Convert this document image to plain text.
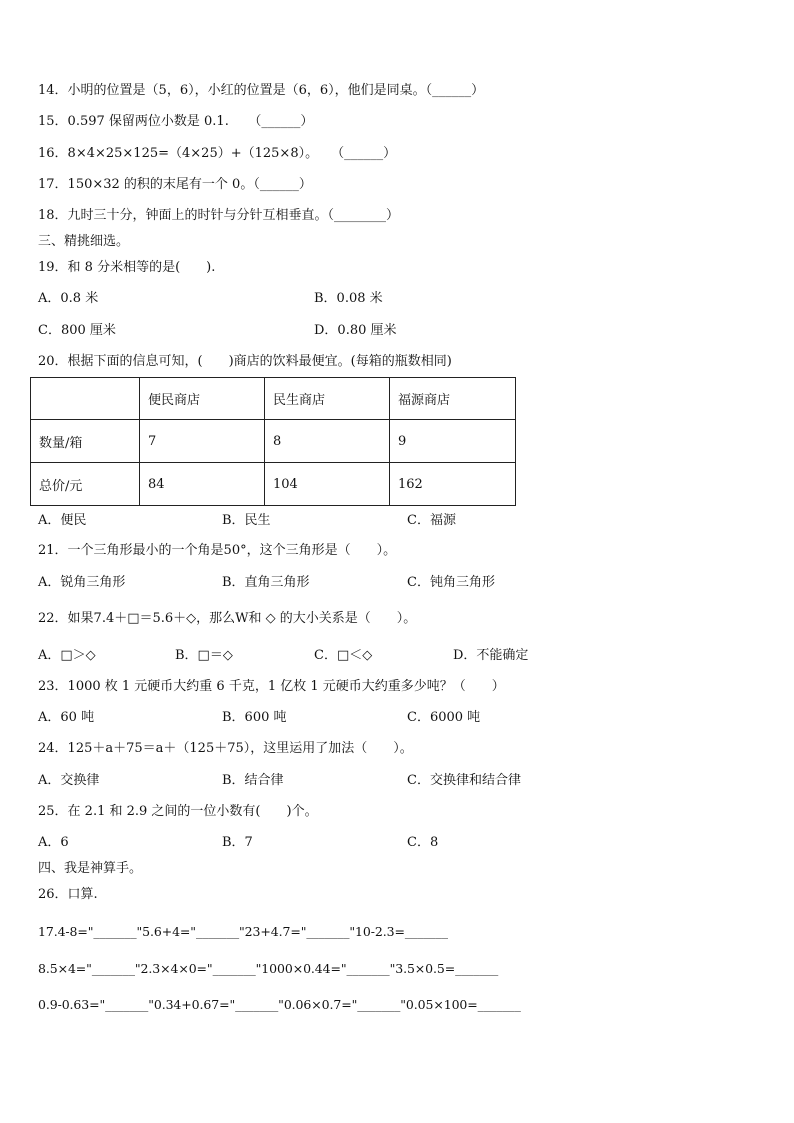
14．小明的位置是（5，6），小红的位置是（6，6），他们是同桌。（______）
15．0.597 保留两位小数是 0.1.　　（______）
16．8×4×25×125=（4×25）+（125×8）。　　（______）
17．150×32 的积的末尾有一个 0。（______）
18．九时三十分，钟面上的时针与分针互相垂直。（________）
三、精挑细选。
19．和 8 分米相等的是(　　).
A．0.8 米	B．0.08 米
C．800 厘米	D．0.80 厘米
20．根据下面的信息可知，(　　)商店的饮料最便宜。(每箱的瓶数相同)
	便民商店	民生商店	福源商店
数量/箱	7	8	9
总价/元	84	104	162
A．便民	B．民生	C．福源
21．一个三角形最小的一个角是50°，这个三角形是（　　）。
A．锐角三角形	B．直角三角形	C．钝角三角形
22．如果7.4＋□＝5.6＋◇，那么W和 ◇ 的大小关系是（　　）。
A．□＞◇	B．□＝◇	C．□＜◇	D．不能确定
23．1000 枚 1 元硬币大约重 6 千克，1 亿枚 1 元硬币大约重多少吨？（　　）
A．60 吨	B．600 吨	C．6000 吨
24．125＋a＋75＝a＋（125＋75），这里运用了加法（　　）。
A．交换律	B．结合律	C．交换律和结合律
25．在 2.1 和 2.9 之间的一位小数有(　　)个。
A．6	B．7	C．8
四、我是神算手。
26．口算.
17.4-8="_______"5.6+4="_______"23+4.7="_______"10-2.3=_______
8.5×4="_______"2.3×4×0="_______"1000×0.44="_______"3.5×0.5=_______
0.9-0.63="_______"0.34+0.67="_______"0.06×0.7="_______"0.05×100=_______
